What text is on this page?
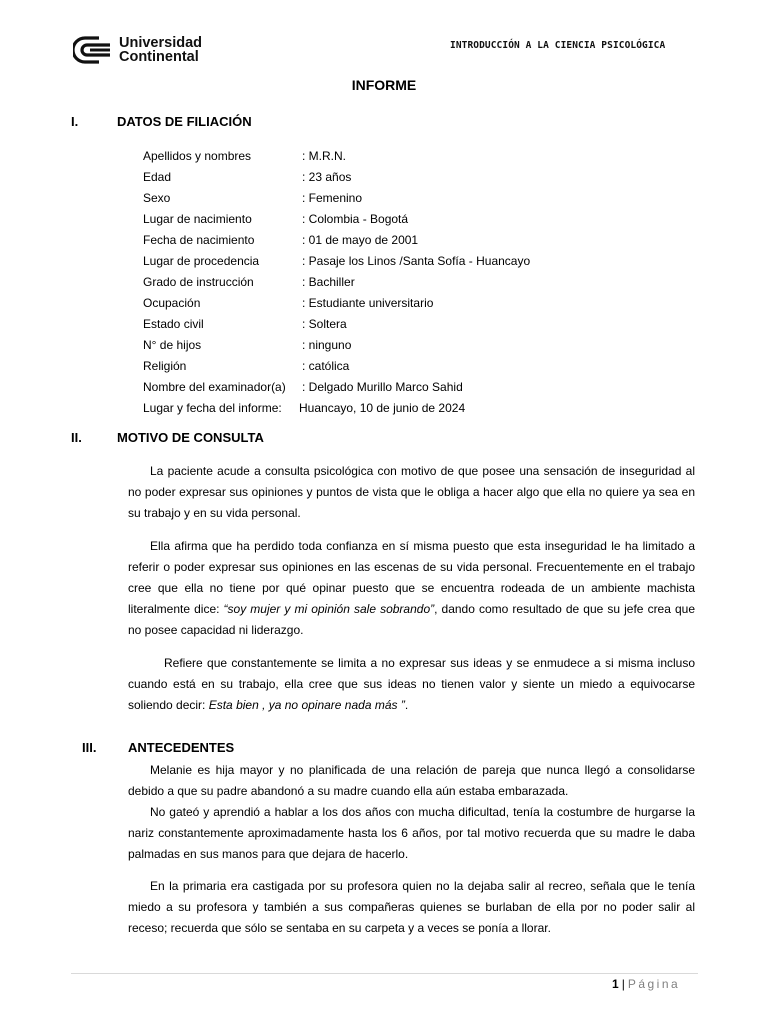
Universidad
Continental
INTRODUCCIÓN A LA CIENCIA PSICOLÓGICA
INFORME
I.	DATOS DE FILIACIÓN
Apellidos y nombres	: M.R.N.
Edad	: 23 años
Sexo	: Femenino
Lugar de nacimiento	: Colombia - Bogotá
Fecha de nacimiento	: 01 de mayo de 2001
Lugar de procedencia	: Pasaje los Linos /Santa Sofía - Huancayo
Grado de instrucción	: Bachiller
Ocupación	: Estudiante universitario
Estado civil	: Soltera
N° de hijos	: ninguno
Religión	: católica
Nombre del examinador(a) : Delgado Murillo Marco Sahid
Lugar y fecha del informe: Huancayo, 10 de junio de 2024
II.	MOTIVO DE CONSULTA

La paciente acude a consulta psicológica con motivo de que posee una sensación de inseguridad al no poder expresar sus opiniones y puntos de vista que le obliga a hacer algo que ella no quiere ya sea en su trabajo y en su vida personal.

Ella afirma que ha perdido toda confianza en sí misma puesto que esta inseguridad le ha limitado a referir o poder expresar sus opiniones en las escenas de su vida personal. Frecuentemente en el trabajo cree que ella no tiene por qué opinar puesto que se encuentra rodeada de un ambiente machista literalmente dice: “soy mujer y mi opinión sale sobrando”, dando como resultado de que su jefe crea que no posee capacidad ni liderazgo.

Refiere que constantemente se limita a no expresar sus ideas y se enmudece a si misma incluso cuando está en su trabajo, ella cree que sus ideas no tienen valor y siente un miedo a equivocarse soliendo decir: Esta bien , ya no opinare nada más ”.

III. ANTECEDENTES

Melanie es hija mayor y no planificada de una relación de pareja que nunca llegó a consolidarse debido a que su padre abandonó a su madre cuando ella aún estaba embarazada.

No gateó y aprendió a hablar a los dos años con mucha dificultad, tenía la costumbre de hurgarse la nariz constantemente aproximadamente hasta los 6 años, por tal motivo recuerda que su madre le daba palmadas en sus manos para que dejara de hacerlo.

En la primaria era castigada por su profesora quien no la dejaba salir al recreo, señala que le tenía miedo a su profesora y también a sus compañeras quienes se burlaban de ella por no poder salir al receso; recuerda que sólo se sentaba en su carpeta y a veces se ponía a llorar.

1 | Página
